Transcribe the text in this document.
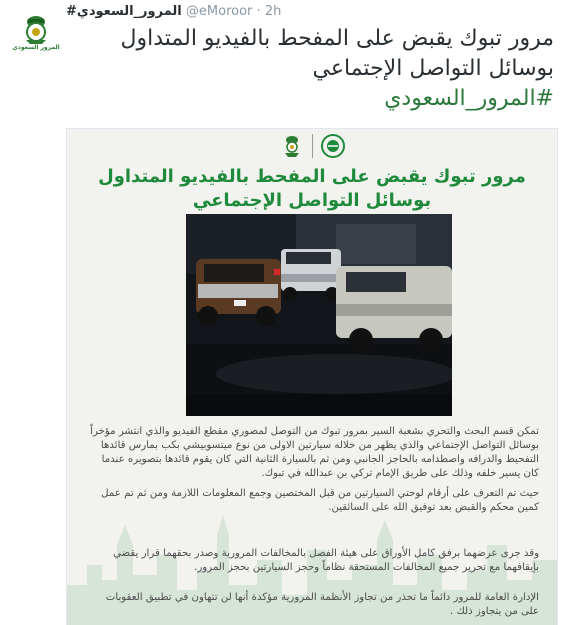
المرور السعودي
#المرور_السعودي @eMoroor · 2h
مرور تبوك يقبض على المفحط بالفيديو المتداول بوسائل التواصل الإجتماعي
#المرور_السعودي
مرور تبوك يقبض على المفحط بالفيديو المتداول
بوسائل التواصل الإجتماعي
تمكن قسم البحث والتحري بشعبة السير بمرور تبوك من التوصل لمصوري مقطع الفيديو والذي انتشر مؤخراً بوسائل التواصل الإجتماعي والذي يظهر من خلاله سيارتين الاولى من نوع ميتسوبيشي بكب بمارس قائدها التفحيط والدرافه واصطدامه بالحاجز الجانبي ومن ثم بالسيارة الثانية التي كان يقوم قائدها بتصويره عندما كان يسير خلفه وذلك على طريق الإمام تركي بن عبدالله في تبوك.
حيث تم التعرف على أرقام لوحتي السيارتين من قبل المختصين وجمع المعلومات اللازمة ومن ثم تم عمل كمين محكم والقبض بعد توفيق الله على السائقين.
وقد جرى عرضهما برفق كامل الأوراق على هيئة الفصل بالمخالفات المرورية وصدر بحقهما قرار يقضي بإيقافهما مع تحرير جميع المخالفات المستحقة نظاماً وحجز السيارتين بحجز المرور.
الإدارة العامة للمرور دائماً ما تحذر من تجاوز الأنظمة المرورية مؤكدة أنها لن تتهاون في تطبيق العقوبات على من يتجاوز ذلك .
